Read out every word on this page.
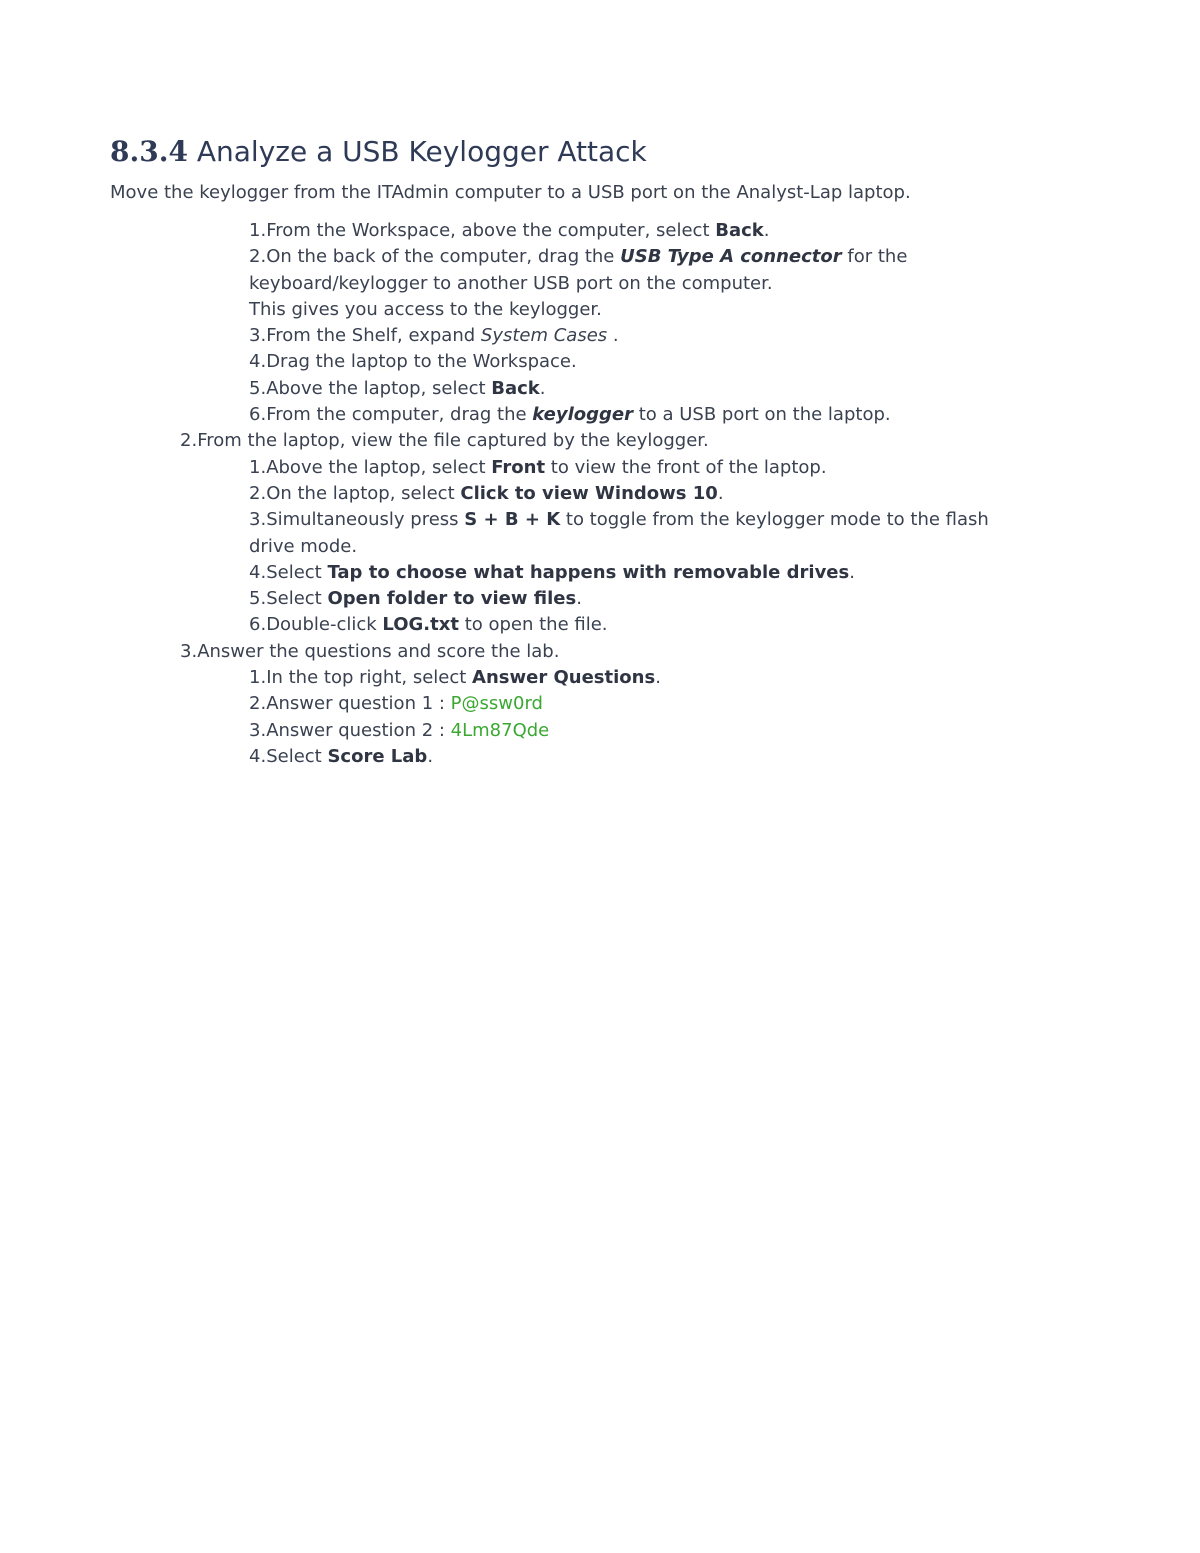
8.3.4 Analyze a USB Keylogger Attack

Move the keylogger from the ITAdmin computer to a USB port on the Analyst-Lap laptop.

1.From the Workspace, above the computer, select Back.

2.On the back of the computer, drag the USB Type A connector for the

keyboard/keylogger to another USB port on the computer.

This gives you access to the keylogger.

3.From the Shelf, expand System Cases .

4.Drag the laptop to the Workspace.

5.Above the laptop, select Back.

6.From the computer, drag the keylogger to a USB port on the laptop.

2.From the laptop, view the file captured by the keylogger.

1.Above the laptop, select Front to view the front of the laptop.

2.On the laptop, select Click to view Windows 10.

3.Simultaneously press S + B + K to toggle from the keylogger mode to the flash

drive mode.

4.Select Tap to choose what happens with removable drives.

5.Select Open folder to view files.

6.Double-click LOG.txt to open the file.

3.Answer the questions and score the lab.

1.In the top right, select Answer Questions.

2.Answer question 1 : P@ssw0rd

3.Answer question 2 : 4Lm87Qde

4.Select Score Lab.
